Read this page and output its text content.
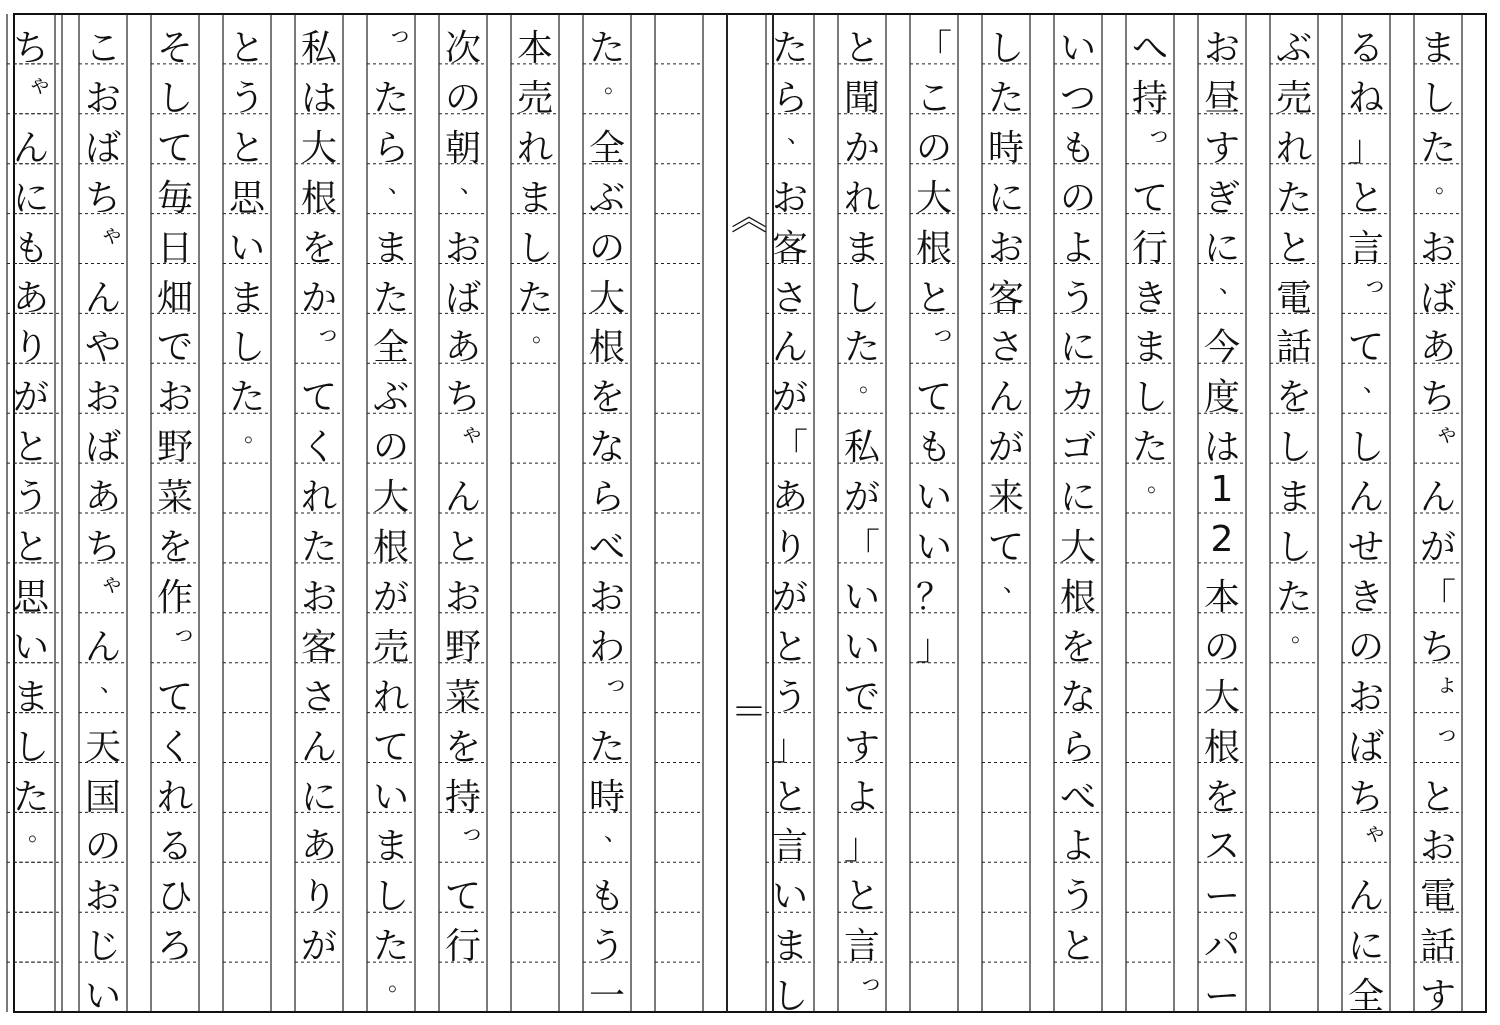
ま
し
た
。
お
ば
あ
ち
ゃ
ん
が
「
ち
ょ
っ
と
お
電
話
す
る
ね
」
と
言
っ
て
、
し
ん
せ
き
の
お
ば
ち
ゃ
ん
に
全
ぶ
売
れ
た
と
電
話
を
し
ま
し
た
。
お
昼
す
ぎ
に
、
今
度
は
1
2
本
の
大
根
を
ス
ー
パ
ー
へ
持
っ
て
行
き
ま
し
た
。
い
つ
も
の
よ
う
に
カ
ゴ
に
大
根
を
な
ら
べ
よ
う
と
し
た
時
に
お
客
さ
ん
が
来
て
、
「
こ
の
大
根
と
っ
て
も
い
い
？
」
と
聞
か
れ
ま
し
た
。
私
が
「
い
い
で
す
よ
」
と
言
っ
た
ら
、
お
客
さ
ん
が
「
あ
り
が
と
う
」
と
言
い
ま
し
た
。
全
ぶ
の
大
根
を
な
ら
べ
お
わ
っ
た
時
、
も
う
一
本
売
れ
ま
し
た
。
次
の
朝
、
お
ば
あ
ち
ゃ
ん
と
お
野
菜
を
持
っ
て
行
っ
た
ら
、
ま
た
全
ぶ
の
大
根
が
売
れ
て
い
ま
し
た
。
私
は
大
根
を
か
っ
て
く
れ
た
お
客
さ
ん
に
あ
り
が
と
う
と
思
い
ま
し
た
。
そ
し
て
毎
日
畑
で
お
野
菜
を
作
っ
て
く
れ
る
ひ
ろ
こ
お
ば
ち
ゃ
ん
や
お
ば
あ
ち
ゃ
ん
、
天
国
の
お
じ
い
ち
ゃ
ん
に
も
あ
り
が
と
う
と
思
い
ま
し
た
。
︽
＝
